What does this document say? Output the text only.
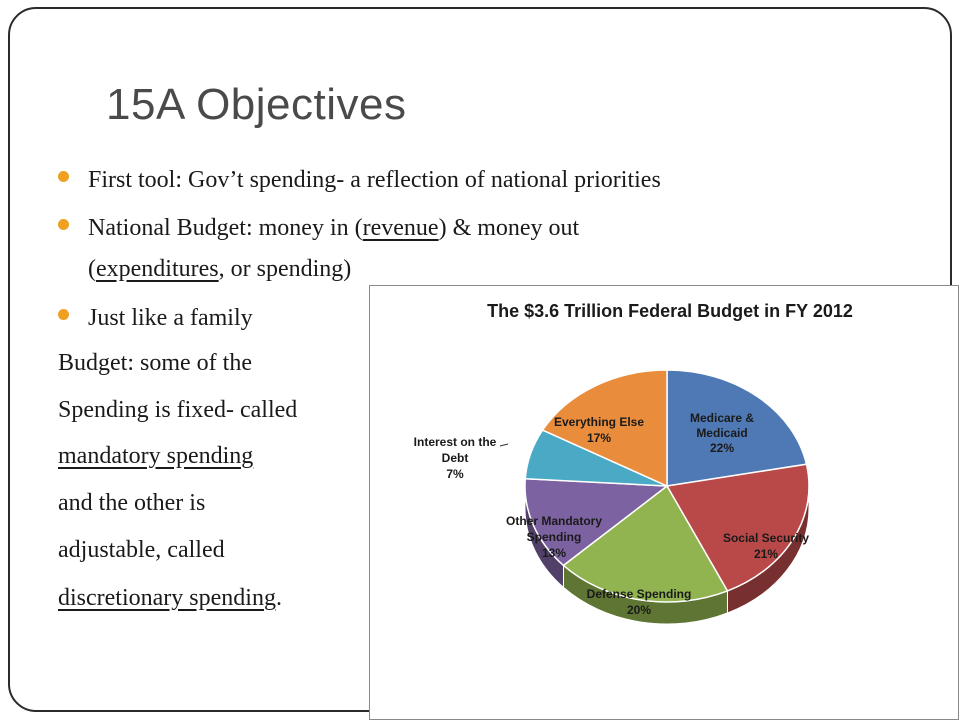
15A Objectives
First tool: Gov’t spending- a reflection of national priorities
National Budget: money in (revenue) & money out
(expenditures, or spending)
Just like a family
Budget: some of the
Spending is fixed- called
mandatory spending
and the other is
adjustable, called
discretionary spending.
The $3.6 Trillion Federal Budget in FY 2012
Medicare &
Medicaid
22%
Social Security
21%
Defense Spending
20%
Other Mandatory
Spending
13%
Interest on the
Debt
7%
Everything Else
17%
